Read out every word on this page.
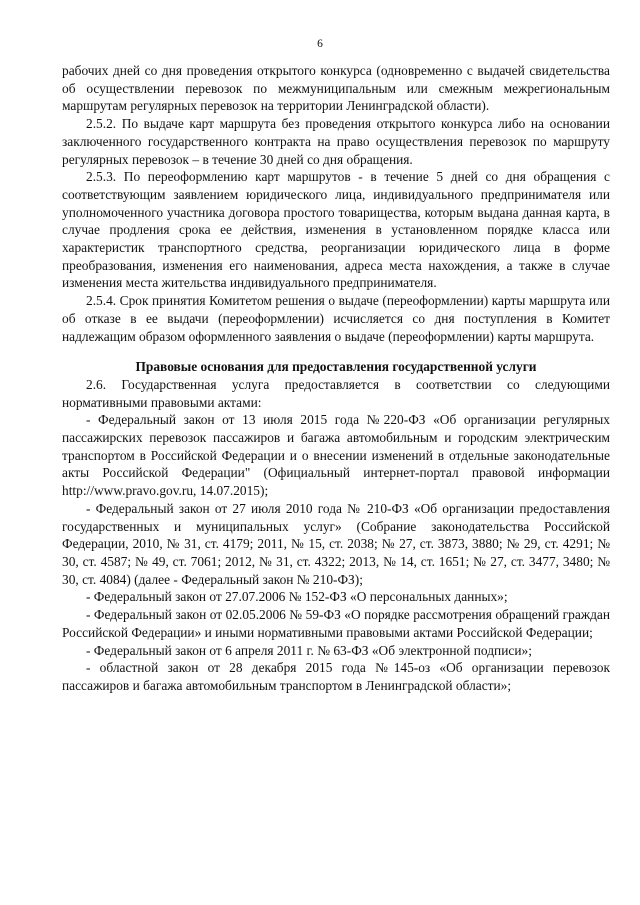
6

рабочих дней со дня проведения открытого конкурса (одновременно с выдачей свидетельства об осуществлении перевозок по межмуниципальным или смежным межрегиональным маршрутам регулярных перевозок на территории Ленинградской области).

2.5.2. По выдаче карт маршрута без проведения открытого конкурса либо на основании заключенного государственного контракта на право осуществления перевозок по маршруту регулярных перевозок – в течение 30 дней со дня обращения.

2.5.3. По переоформлению карт маршрутов - в течение 5 дней со дня обращения с соответствующим заявлением юридического лица, индивидуального предпринимателя или уполномоченного участника договора простого товарищества, которым выдана данная карта, в случае продления срока ее действия, изменения в установленном порядке класса или характеристик транспортного средства, реорганизации юридического лица в форме преобразования, изменения его наименования, адреса места нахождения, а также в случае изменения места жительства индивидуального предпринимателя.

2.5.4. Срок принятия Комитетом решения о выдаче (переоформлении) карты маршрута или об отказе в ее выдачи (переоформлении) исчисляется со дня поступления в Комитет надлежащим образом оформленного заявления о выдаче (переоформлении) карты маршрута.

Правовые основания для предоставления государственной услуги

2.6. Государственная услуга предоставляется в соответствии со следующими нормативными правовыми актами:

- Федеральный закон от 13 июля 2015 года №220-ФЗ «Об организации регулярных пассажирских перевозок пассажиров и багажа автомобильным и городским электрическим транспортом в Российской Федерации и о внесении изменений в отдельные законодательные акты Российской Федерации" (Официальный интернет-портал правовой информации http://www.pravo.gov.ru, 14.07.2015);

- Федеральный закон от 27 июля 2010 года № 210-ФЗ «Об организации предоставления государственных и муниципальных услуг» (Собрание законодательства Российской Федерации, 2010, № 31, ст. 4179; 2011, № 15, ст. 2038; № 27, ст. 3873, 3880; № 29, ст. 4291; № 30, ст. 4587; № 49, ст. 7061; 2012, № 31, ст. 4322; 2013, № 14, ст. 1651; № 27, ст. 3477, 3480; № 30, ст. 4084) (далее - Федеральный закон № 210-ФЗ);

- Федеральный закон от 27.07.2006 № 152-ФЗ «О персональных данных»;

- Федеральный закон от 02.05.2006 № 59-ФЗ «О порядке рассмотрения обращений граждан Российской Федерации» и иными нормативными правовыми актами Российской Федерации;

- Федеральный закон от 6 апреля 2011 г. № 63-ФЗ «Об электронной подписи»;

- областной закон от 28 декабря 2015 года №145-оз «Об организации перевозок пассажиров и багажа автомобильным транспортом в Ленинградской области»;
